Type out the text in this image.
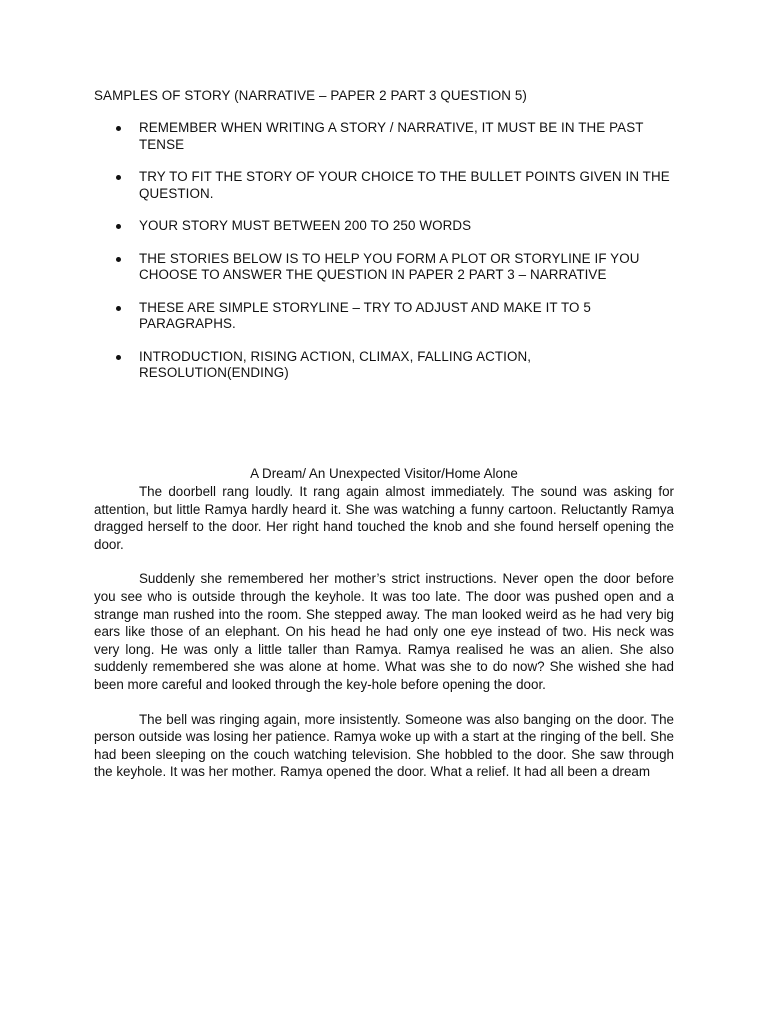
SAMPLES OF STORY (NARRATIVE – PAPER 2 PART 3 QUESTION 5)
REMEMBER WHEN WRITING A STORY / NARRATIVE, IT MUST BE IN THE PAST TENSE
TRY TO FIT THE STORY OF YOUR CHOICE TO THE BULLET POINTS GIVEN IN THE QUESTION.
YOUR STORY MUST BETWEEN 200 TO 250 WORDS
THE STORIES BELOW IS TO HELP YOU FORM A PLOT OR STORYLINE IF YOU CHOOSE TO ANSWER THE QUESTION IN PAPER 2 PART 3 – NARRATIVE
THESE ARE SIMPLE STORYLINE – TRY TO ADJUST AND MAKE IT TO 5 PARAGRAPHS.
INTRODUCTION, RISING ACTION, CLIMAX, FALLING ACTION, RESOLUTION(ENDING)
A Dream/ An Unexpected Visitor/Home Alone

The doorbell rang loudly. It rang again almost immediately. The sound was asking for attention, but little Ramya hardly heard it. She was watching a funny cartoon. Reluctantly Ramya dragged herself to the door. Her right hand touched the knob and she found herself opening the door.

Suddenly she remembered her mother’s strict instructions. Never open the door before you see who is outside through the keyhole. It was too late. The door was pushed open and a strange man rushed into the room. She stepped away. The man looked weird as he had very big ears like those of an elephant. On his head he had only one eye instead of two. His neck was very long. He was only a little taller than Ramya. Ramya realised he was an alien. She also suddenly remembered she was alone at home. What was she to do now? She wished she had been more careful and looked through the key-hole before opening the door.

The bell was ringing again, more insistently. Someone was also banging on the door. The person outside was losing her patience. Ramya woke up with a start at the ringing of the bell. She had been sleeping on the couch watching television. She hobbled to the door. She saw through the keyhole. It was her mother. Ramya opened the door. What a relief. It had all been a dream
